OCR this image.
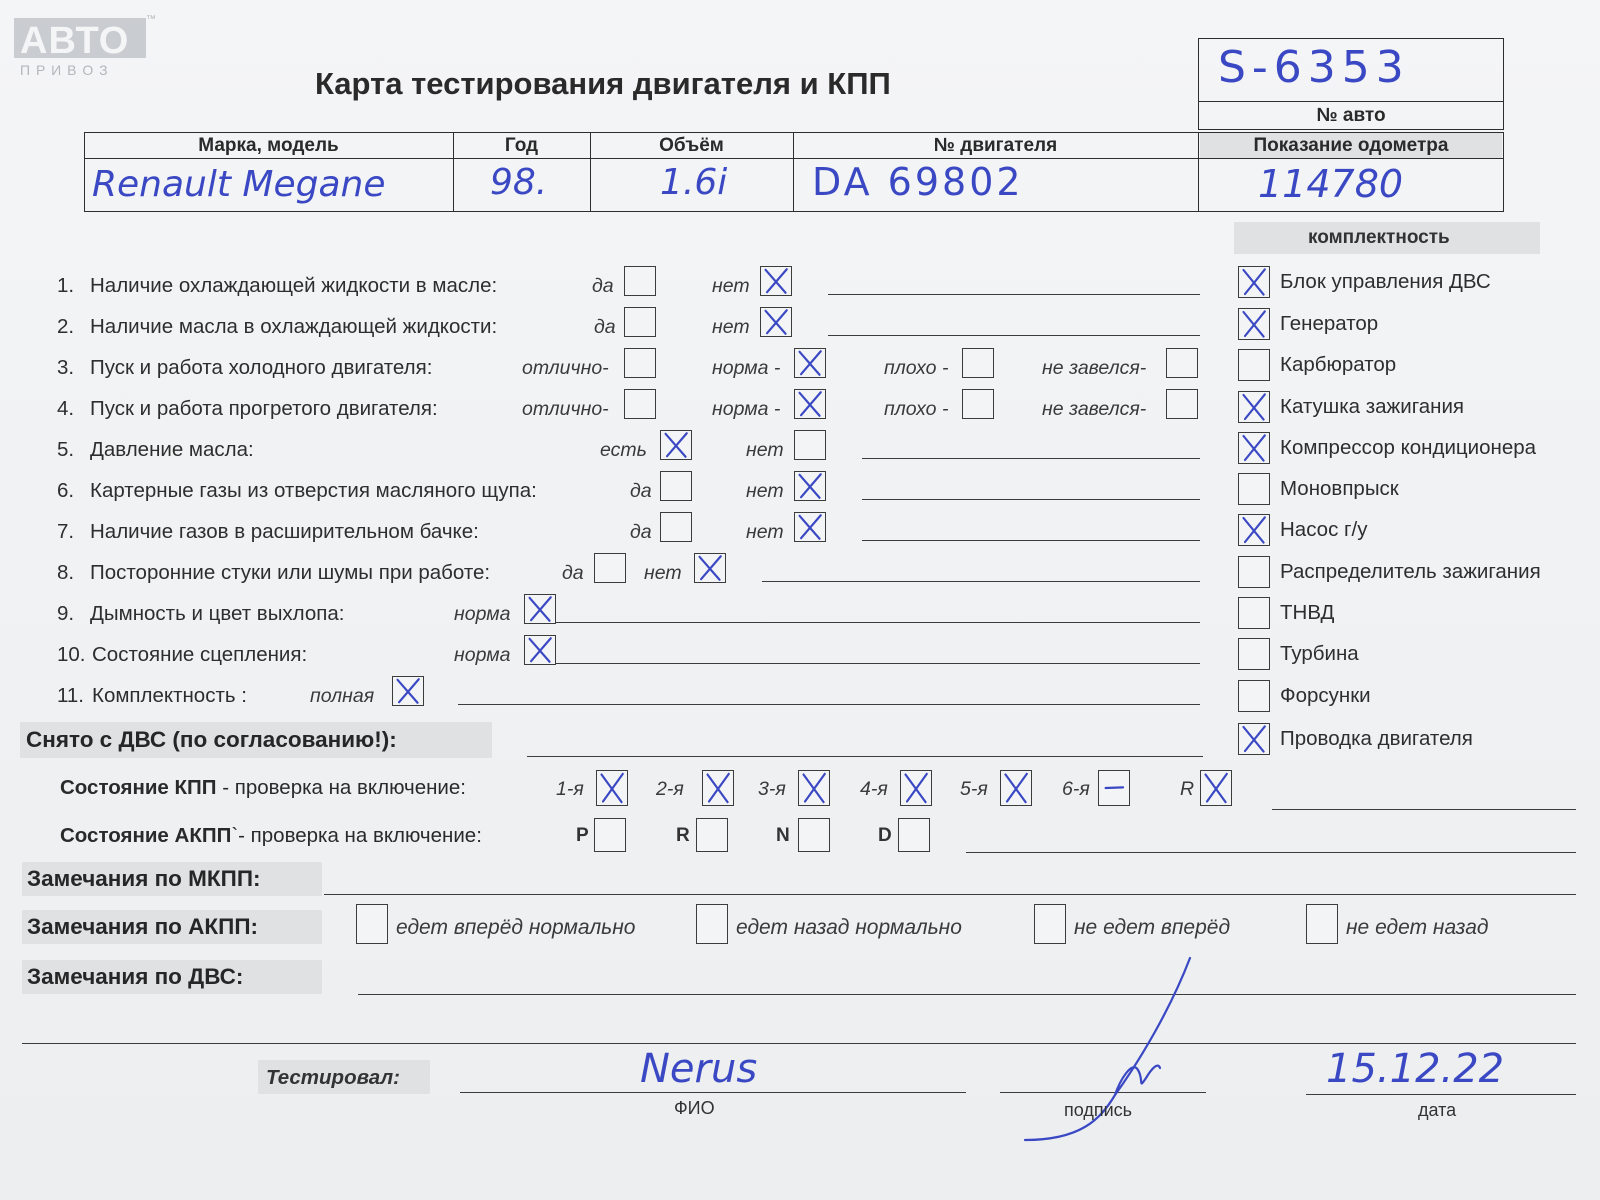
АВТО
™
П Р И В О З	Карта тестирования двигателя и КПП	S-6353
№ авто
Марка, модель	Год	Объём	№ двигателя	Показание одометра
Renault Megane	98.	1.6i DA 69802	114780
комплектность
Блок управления ДВС
Генератор
Карбюратор
Катушка зажигания
Компрессор кондиционера
Моновпрыск
Насос г/у
Распределитель зажигания
ТНВД
Турбина
Форсунки
Проводка двигателя
1. Наличие охлаждающей жидкости в масле:	да	нет
2. Наличие масла в охлаждающей жидкости:	да	нет
3. Пуск и работа холодного двигателя:	отлично-	норма -	плохо -	не завелся-
4. Пуск и работа прогретого двигателя:	отлично-	норма -	плохо -	не завелся-
5. Давление масла:	есть	нет
6. Картерные газы из отверстия масляного щупа:	да	нет
7. Наличие газов в расширительном бачке:	да	нет
8. Посторонние стуки или шумы при работе:	да	нет
9. Дымность и цвет выхлопа:	норма
10. Состояние сцепления:	норма
11. Комплектность :	полная
Снято с ДВС (по согласованию!):
Состояние КПП - проверка на включение:	1-я	2-я	3-я	4-я	5-я	6-я	R
Состояние АКПП`- проверка на включение:	P	R	N	D
Замечания по МКПП:
Замечания по АКПП:	едет вперёд нормально	едет назад нормально	не едет вперёд	не едет назад
Замечания по ДВС:
Тестировал:	Nerus
ФИО	подпись
15.12.22
дата
